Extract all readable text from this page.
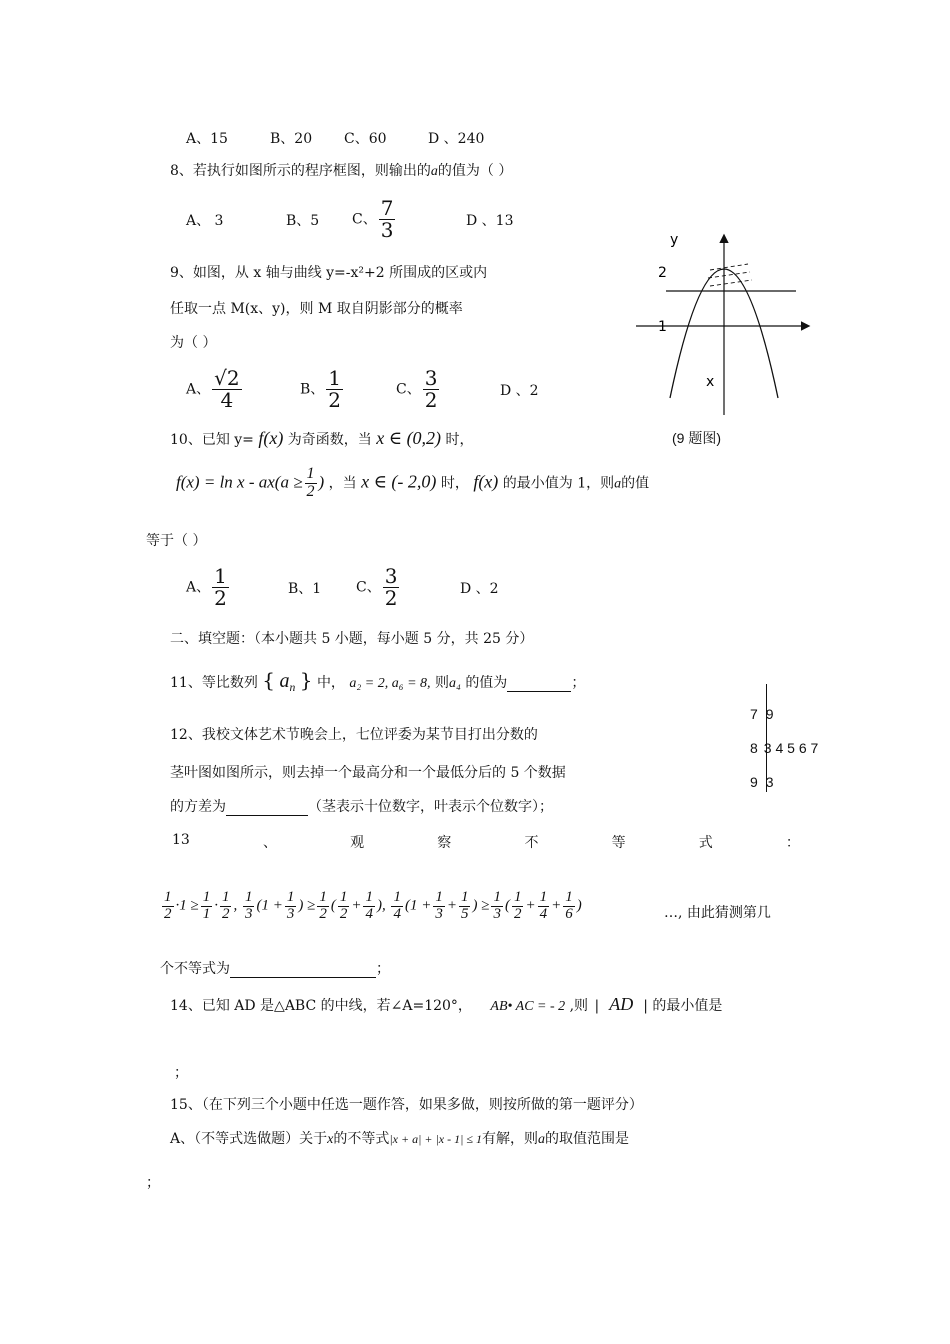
A、15	B、20 C、60	D 、240
8、若执行如图所示的程序框图，则输出的a的值为（ ）
A、 3	B、5 C、 $\frac{7}{3}$	D 、13
9、如图，从 x 轴与曲线 y=-x²+2 所围成的区或内
任取一点 M(x、y)，则 M 取自阴影部分的概率
为（ ）
A、 $\frac{√2}{4}$	B、 $\frac{1}{2}$	C、 $\frac{3}{2}$	D 、2
y
2
1
x
(9 题图)
10、已知 y= f(x) 为奇函数，当 x ∈ (0,2) 时，
$f(x) = \ln x - ax(a \ge \frac{1}{2}$ ) ，当 x ∈ (- 2,0) 时， f(x) 的最小值为 1，则a的值
等于（ ）
A、 $\frac{1}{2}$	B、1 C、 $\frac{3}{2}$	D 、2
二、填空题：（本小题共 5 小题，每小题 5 分，共 25 分）
11、等比数列 { $a_n$ } 中， a₂ = 2, a₆ = 8, 则a₄ 的值为	；
12、我校文体艺术节晚会上，七位评委为某节目打出分数的
茎叶图如图所示，则去掉一个最高分和一个最低分后的 5 个数据
的方差为	（茎表示十位数字，叶表示个位数字）；
7 9
8 3 4 5 6 7
9 3
13	、	观	察	不	等	式	：
$\frac{1}{2} \cdot 1 \ge \frac{1}{1} \cdot \frac{1}{2}$ , $\frac{1}{3} (1 + \frac{1}{3}$ ) ≥ $\frac{1}{2}$ ( $\frac{1}{2} + \frac{1}{4}$ ), $\frac{1}{4} (1 + \frac{1}{3} + \frac{1}{5}$ ) ≥ $\frac{1}{3}$ ( $\frac{1}{2} + \frac{1}{4} + \frac{1}{6}$ )	…, 由此猜测第几
个不等式为	；
14、已知 AD 是△ABC 的中线，若∠A=120°， AB• AC = - 2 ,则 | AD | 的最小值是
；
15、（在下列三个小题中任选一题作答，如果多做，则按所做的第一题评分）
A、（不等式选做题）关于x的不等式|x + a| + |x - 1| ≤ 1有解，则a的取值范围是
；
